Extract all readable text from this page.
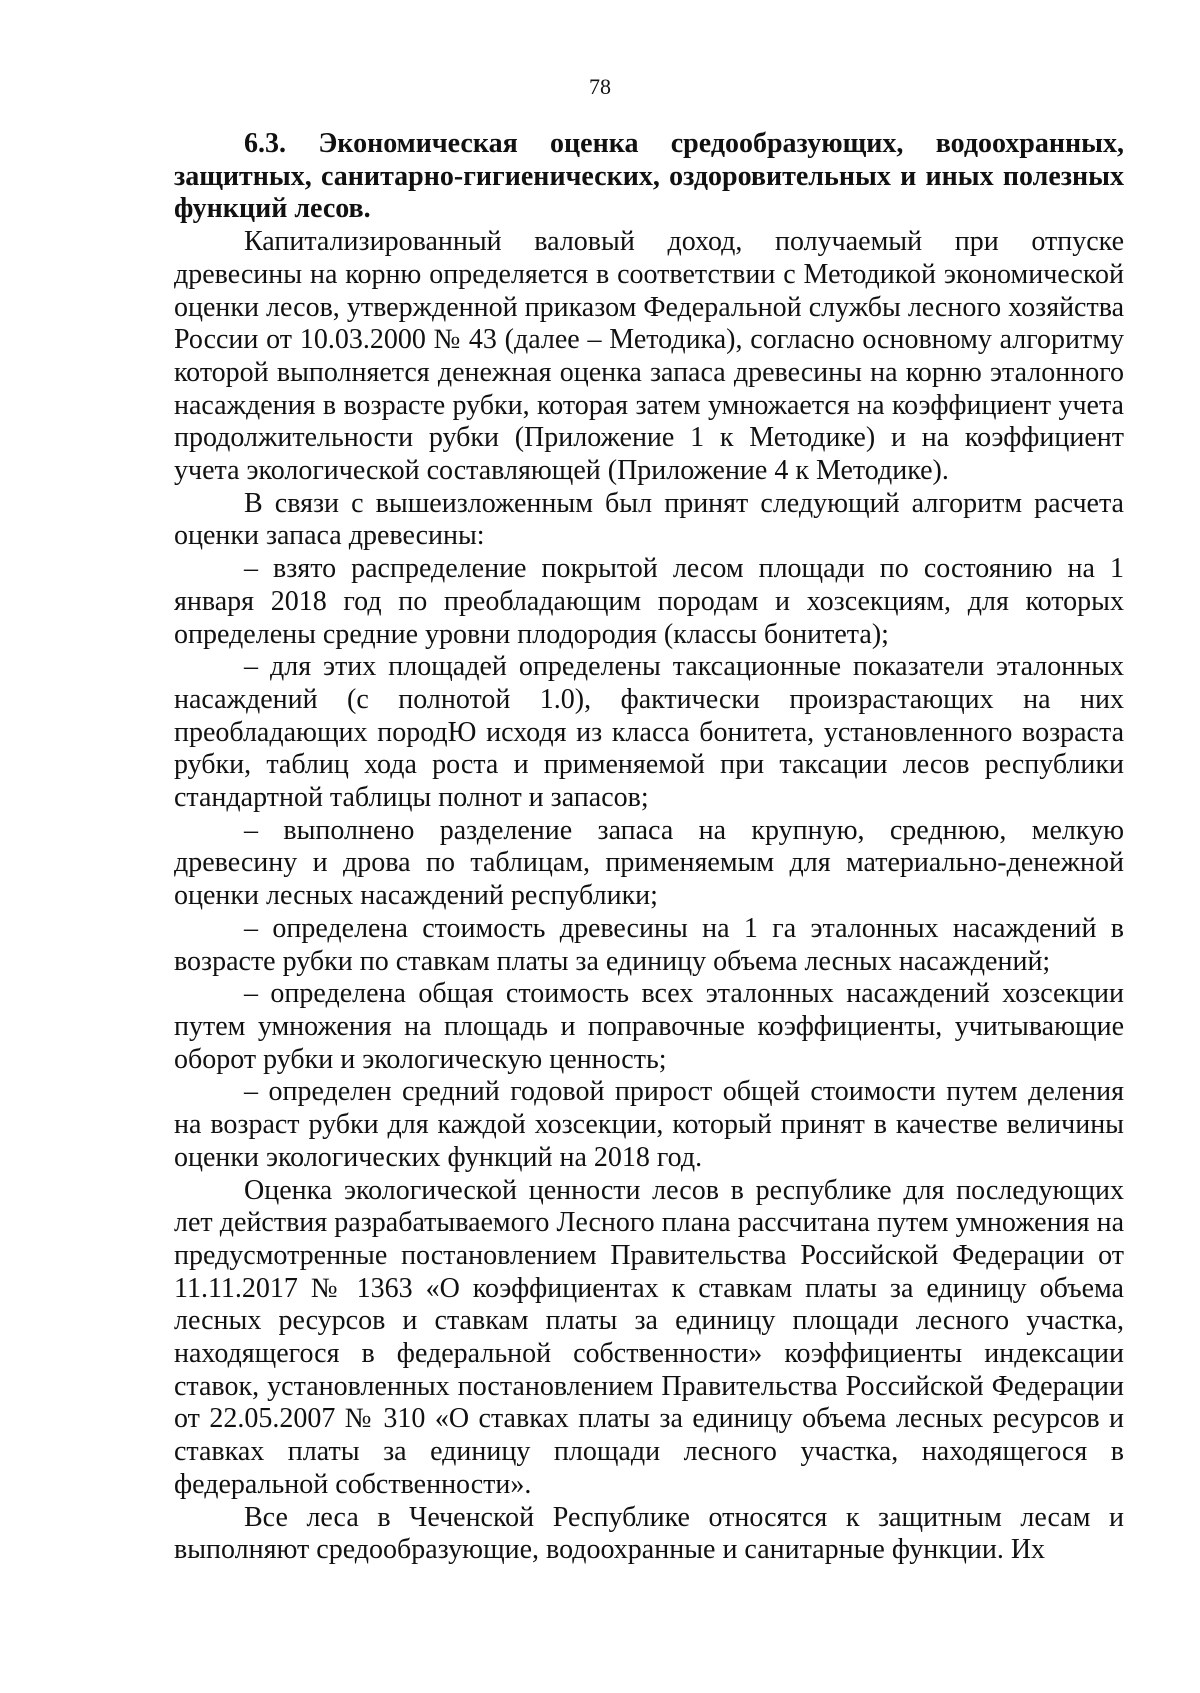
78

6.3. Экономическая оценка средообразующих, водоохранных, защитных, санитарно-гигиенических, оздоровительных и иных полезных функций лесов.

Капитализированный валовый доход, получаемый при отпуске древесины на корню определяется в соответствии с Методикой экономической оценки лесов, утвержденной приказом Федеральной службы лесного хозяйства России от 10.03.2000 № 43 (далее – Методика), согласно основному алгоритму которой выполняется денежная оценка запаса древесины на корню эталонного насаждения в возрасте рубки, которая затем умножается на коэффициент учета продолжительности рубки (Приложение 1 к Методике) и на коэффициент учета экологической составляющей (Приложение 4 к Методике).

В связи с вышеизложенным был принят следующий алгоритм расчета оценки запаса древесины:

– взято распределение покрытой лесом площади по состоянию на 1 января 2018 год по преобладающим породам и хозсекциям, для которых определены средние уровни плодородия (классы бонитета);

– для этих площадей определены таксационные показатели эталонных насаждений (с полнотой 1.0), фактически произрастающих на них преобладающих породЮ исходя из класса бонитета, установленного возраста рубки, таблиц хода роста и применяемой при таксации лесов республики стандартной таблицы полнот и запасов;

– выполнено разделение запаса на крупную, среднюю, мелкую древесину и дрова по таблицам, применяемым для материально-денежной оценки лесных насаждений республики;

– определена стоимость древесины на 1 га эталонных насаждений в возрасте рубки по ставкам платы за единицу объема лесных насаждений;

– определена общая стоимость всех эталонных насаждений хозсекции путем умножения на площадь и поправочные коэффициенты, учитывающие оборот рубки и экологическую ценность;

– определен средний годовой прирост общей стоимости путем деления на возраст рубки для каждой хозсекции, который принят в качестве величины оценки экологических функций на 2018 год.

Оценка экологической ценности лесов в республике для последующих лет действия разрабатываемого Лесного плана рассчитана путем умножения на предусмотренные постановлением Правительства Российской Федерации от 11.11.2017 № 1363 «О коэффициентах к ставкам платы за единицу объема лесных ресурсов и ставкам платы за единицу площади лесного участка, находящегося в федеральной собственности» коэффициенты индексации ставок, установленных постановлением Правительства Российской Федерации от 22.05.2007 № 310 «О ставках платы за единицу объема лесных ресурсов и ставках платы за единицу площади лесного участка, находящегося в федеральной собственности».

Все леса в Чеченской Республике относятся к защитным лесам и выполняют средообразующие, водоохранные и санитарные функции. Их
